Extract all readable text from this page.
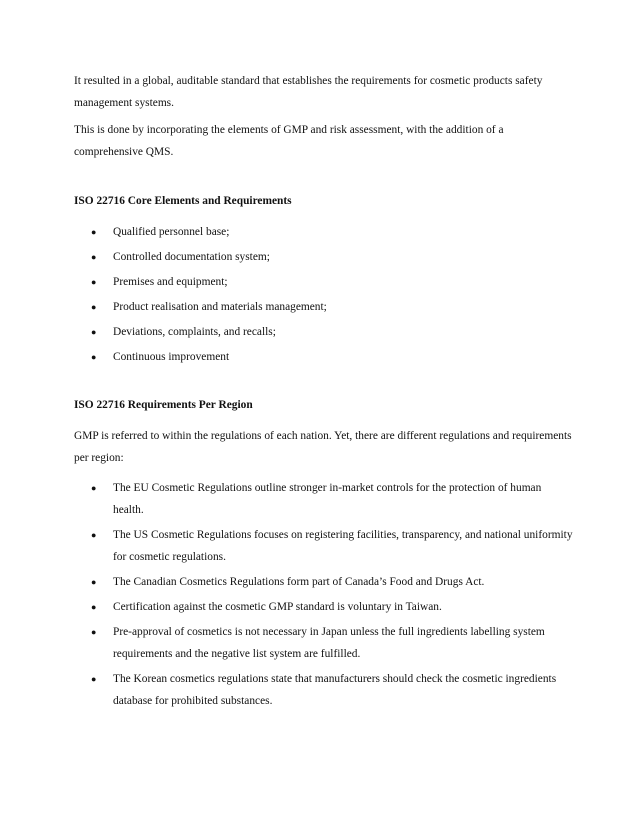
It resulted in a global, auditable standard that establishes the requirements for cosmetic products safety management systems.

This is done by incorporating the elements of GMP and risk assessment, with the addition of a comprehensive QMS.

ISO 22716 Core Elements and Requirements

● Qualified personnel base;
● Controlled documentation system;
● Premises and equipment;
● Product realisation and materials management;
● Deviations, complaints, and recalls;
● Continuous improvement

ISO 22716 Requirements Per Region

GMP is referred to within the regulations of each nation. Yet, there are different regulations and requirements per region:

● The EU Cosmetic Regulations outline stronger in-market controls for the protection of human health.
● The US Cosmetic Regulations focuses on registering facilities, transparency, and national uniformity for cosmetic regulations.
● The Canadian Cosmetics Regulations form part of Canada’s Food and Drugs Act.
● Certification against the cosmetic GMP standard is voluntary in Taiwan.
● Pre-approval of cosmetics is not necessary in Japan unless the full ingredients labelling system requirements and the negative list system are fulfilled.
● The Korean cosmetics regulations state that manufacturers should check the cosmetic ingredients database for prohibited substances.
